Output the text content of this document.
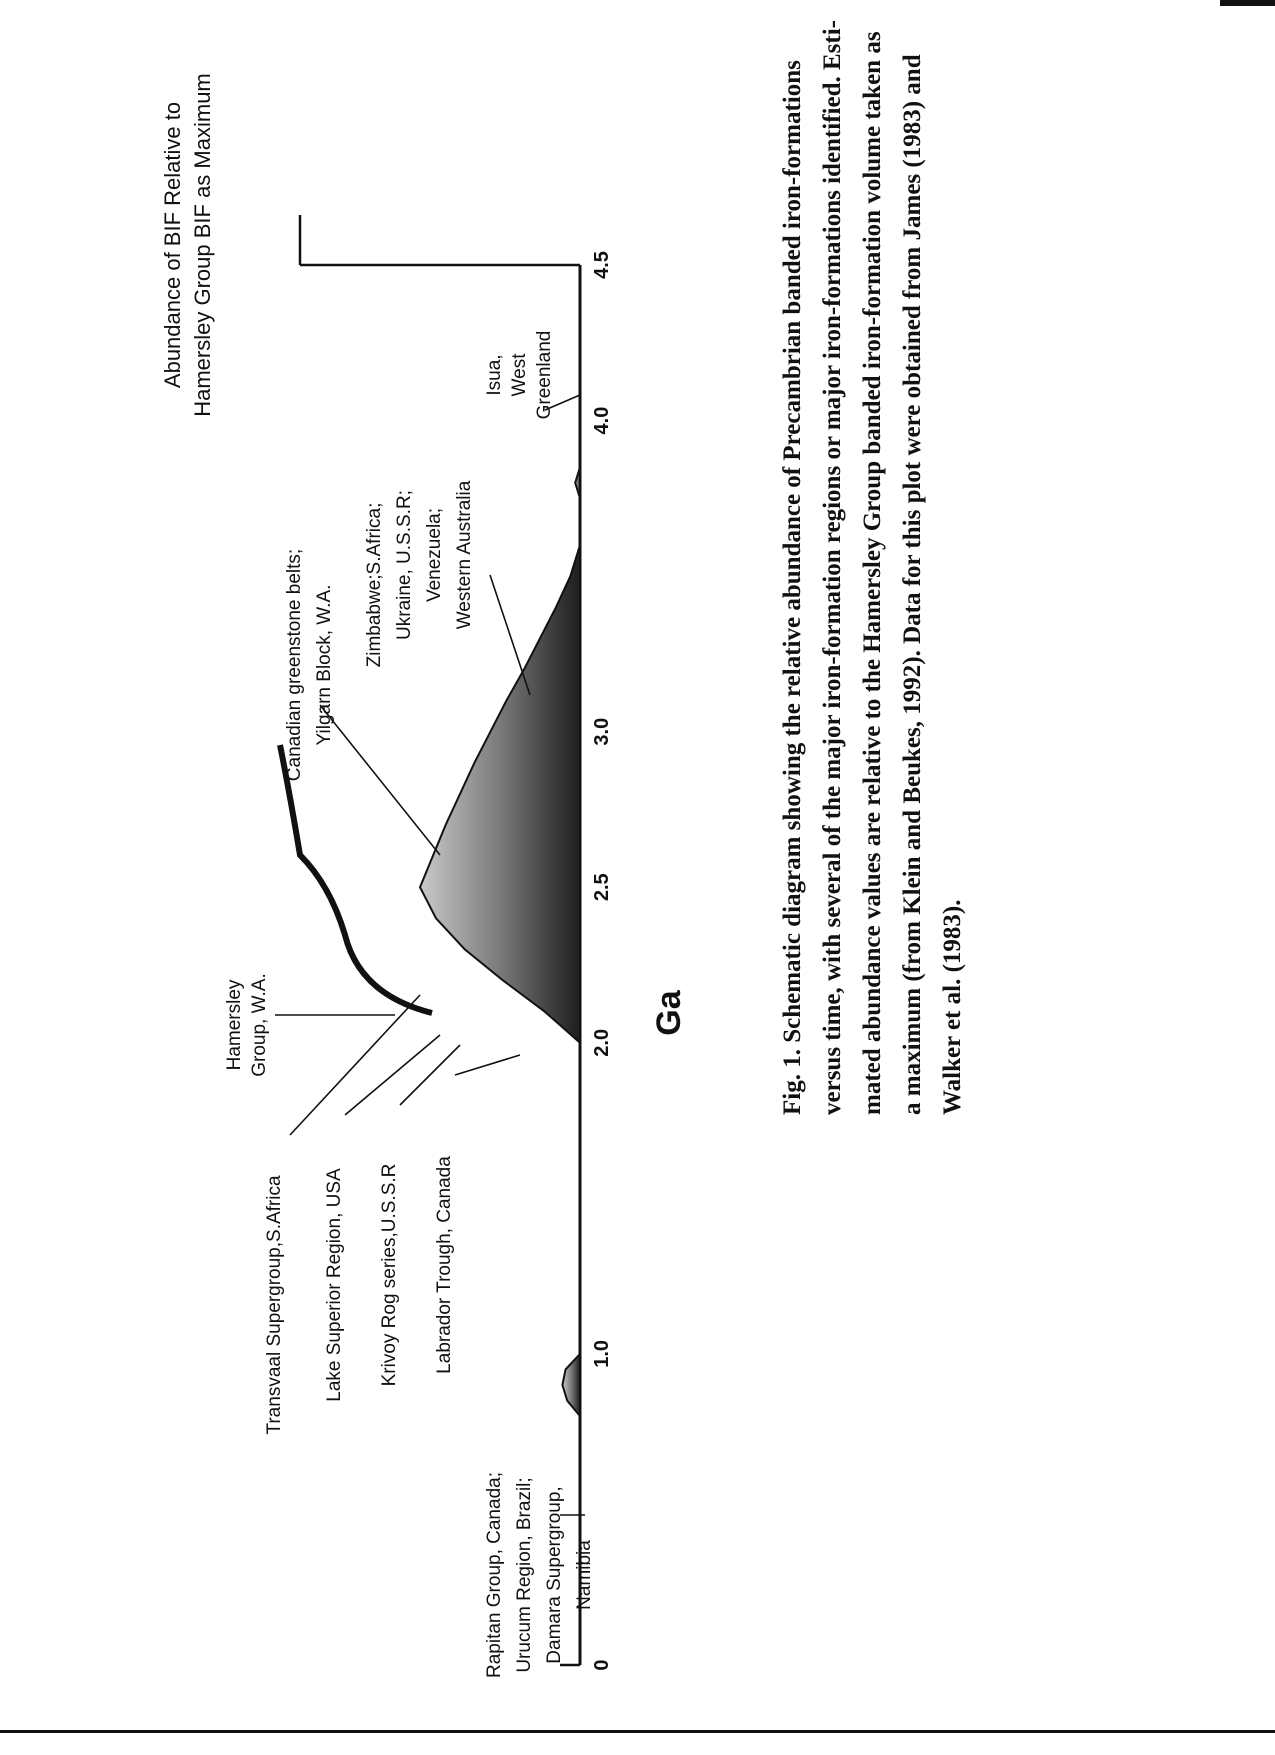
0
1.0
2.0
2.5
3.0
4.0
4.5
Abundance of BIF Relative to Hamersley Group BIF as Maximum
Ga
Transvaal Supergroup,S.Africa Lake Superior Region, USA Krivoy Rog series,U.S.S.R Labrador Trough, Canada
Rapitan Group, Canada; Urucum Region, Brazil; Damara Supergroup, Namibia
Hamersley Group, W.A.
Canadian greenstone belts; Yilgarn Block, W.A. Zimbabwe;S.Africa; Ukraine, U.S.S.R; Venezuela; Western Australia
Isua, West Greenland	Fig. 1. Schematic diagram showing the relative abundance of Precambrian banded iron-formations versus time, with several of the major iron-formation regions or major iron-formations identified. Esti- mated abundance values are relative to the Hamersley Group banded iron-formation volume taken as a maximum (from Klein and Beukes, 1992). Data for this plot were obtained from James (1983) and Walker et al. (1983).
